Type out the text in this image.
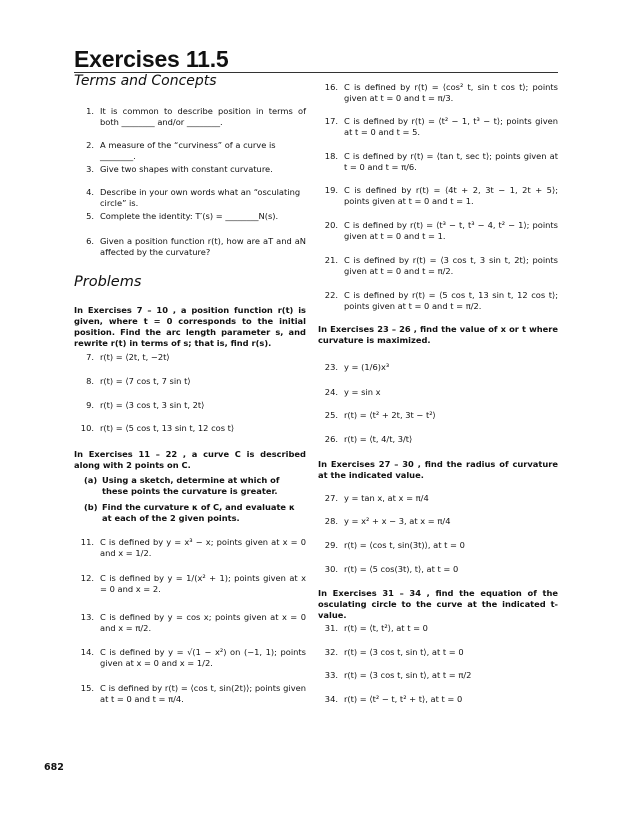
Exercises 11.5
Terms and Concepts
1. It is common to describe position in terms of both ________ and/or ________.
2. A measure of the “curviness” of a curve is ________.
3. Give two shapes with constant curvature.
4. Describe in your own words what an “osculating circle” is.
5. Complete the identity: T′(s) = ________N(s).
6. Given a position function r(t), how are aT and aN affected by the curvature?
Problems
In Exercises 7 – 10 , a position function r(t) is given, where t = 0 corresponds to the initial position. Find the arc length parameter s, and rewrite r(t) in terms of s; that is, find r(s).
7. r(t) = ⟨2t, t, −2t⟩
8. r(t) = ⟨7 cos t, 7 sin t⟩
9. r(t) = ⟨3 cos t, 3 sin t, 2t⟩
10. r(t) = ⟨5 cos t, 13 sin t, 12 cos t⟩
In Exercises 11 – 22 , a curve C is described along with 2 points on C.
(a) Using a sketch, determine at which of these points the curvature is greater.
(b) Find the curvature κ of C, and evaluate κ at each of the 2 given points.
11. C is defined by y = x³ − x; points given at x = 0 and x = 1/2.
12. C is defined by y = 1/(x² + 1); points given at x = 0 and x = 2.
13. C is defined by y = cos x; points given at x = 0 and x = π/2.
14. C is defined by y = √(1 − x²) on (−1, 1); points given at x = 0 and x = 1/2.
15. C is defined by r(t) = ⟨cos t, sin(2t)⟩; points given at t = 0 and t = π/4.
16. C is defined by r(t) = ⟨cos² t, sin t cos t⟩; points given at t = 0 and t = π/3.
17. C is defined by r(t) = ⟨t² − 1, t³ − t⟩; points given at t = 0 and t = 5.
18. C is defined by r(t) = ⟨tan t, sec t⟩; points given at t = 0 and t = π/6.
19. C is defined by r(t) = ⟨4t + 2, 3t − 1, 2t + 5⟩; points given at t = 0 and t = 1.
20. C is defined by r(t) = ⟨t³ − t, t³ − 4, t² − 1⟩; points given at t = 0 and t = 1.
21. C is defined by r(t) = ⟨3 cos t, 3 sin t, 2t⟩; points given at t = 0 and t = π/2.
22. C is defined by r(t) = ⟨5 cos t, 13 sin t, 12 cos t⟩; points given at t = 0 and t = π/2.
In Exercises 23 – 26 , find the value of x or t where curvature is maximized.
23. y = (1/6)x³
24. y = sin x
25. r(t) = ⟨t² + 2t, 3t − t²⟩
26. r(t) = ⟨t, 4/t, 3/t⟩
In Exercises 27 – 30 , find the radius of curvature at the indicated value.
27. y = tan x, at x = π/4
28. y = x² + x − 3, at x = π/4
29. r(t) = ⟨cos t, sin(3t)⟩, at t = 0
30. r(t) = ⟨5 cos(3t), t⟩, at t = 0
In Exercises 31 – 34 , find the equation of the osculating circle to the curve at the indicated t-value.
31. r(t) = ⟨t, t²⟩, at t = 0
32. r(t) = ⟨3 cos t, sin t⟩, at t = 0
33. r(t) = ⟨3 cos t, sin t⟩, at t = π/2
34. r(t) = ⟨t² − t, t² + t⟩, at t = 0

682
